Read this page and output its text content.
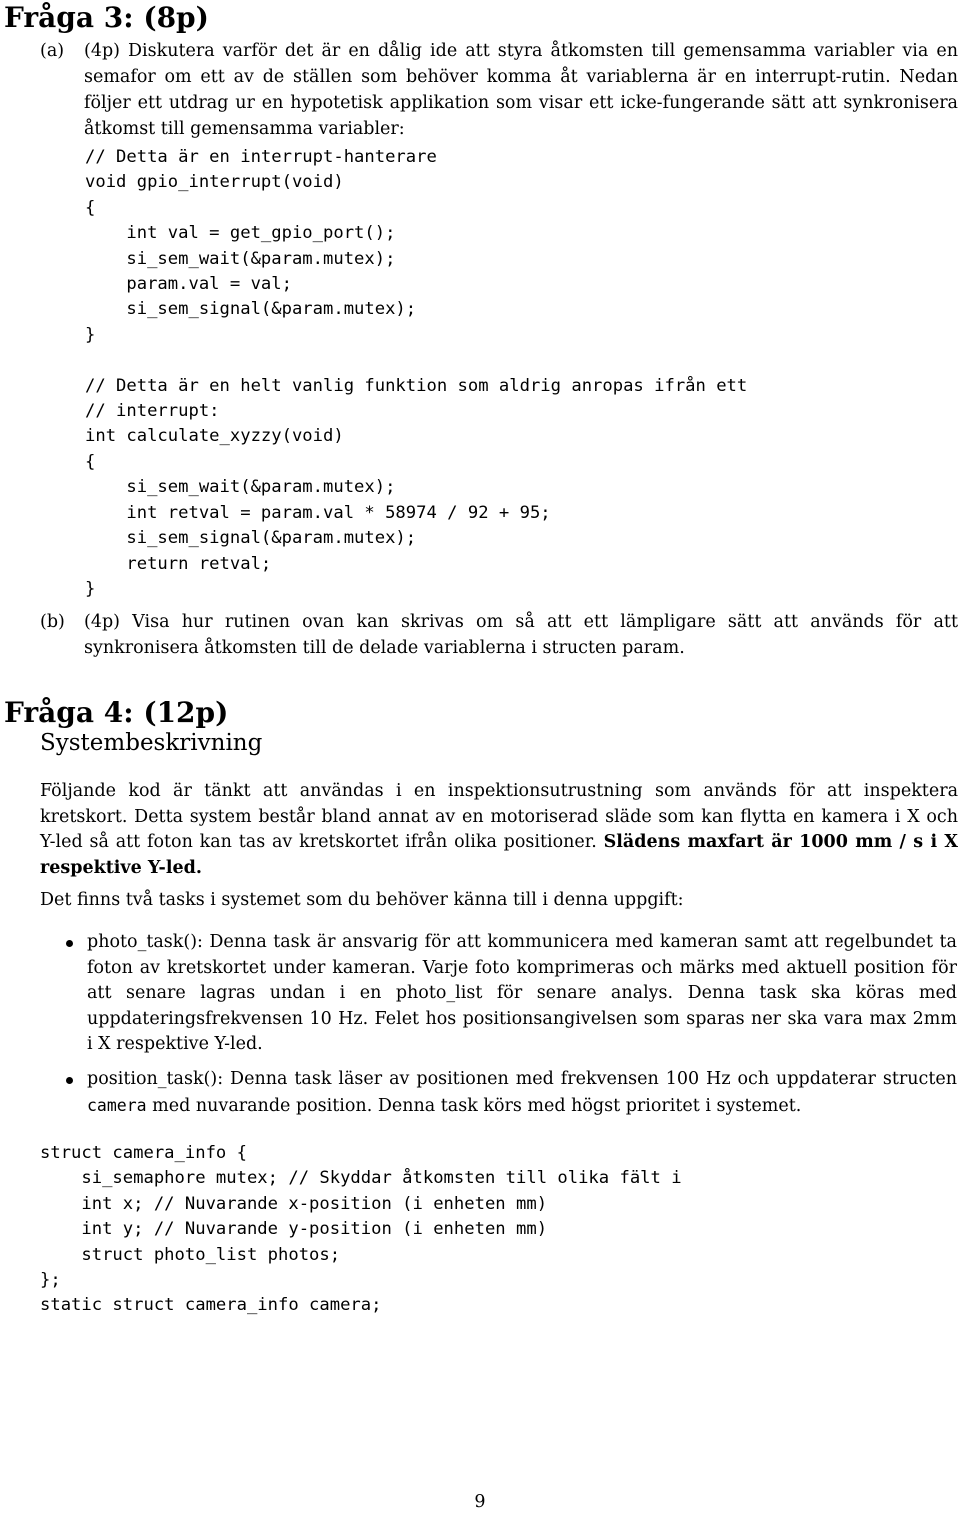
Fråga 3: (8p)
(a) (4p) Diskutera varför det är en dålig ide att styra åtkomsten till gemensamma variabler via en semafor om ett av de ställen som behöver komma åt variablerna är en interrupt-rutin. Nedan följer ett utdrag ur en hypotetisk applikation som visar ett icke-fungerande sätt att synkronisera åtkomst till gemensamma variabler:
// Detta är en interrupt-hanterare
void gpio_interrupt(void)
{
int val = get_gpio_port();
si_sem_wait(&param.mutex);
param.val = val;
si_sem_signal(&param.mutex);
}

// Detta är en helt vanlig funktion som aldrig anropas ifrån ett
// interrupt:
int calculate_xyzzy(void)
{
si_sem_wait(&param.mutex);
int retval = param.val * 58974 / 92 + 95;
si_sem_signal(&param.mutex);
return retval;
}
(b) (4p) Visa hur rutinen ovan kan skrivas om så att ett lämpligare sätt att används för att synkronisera åtkomsten till de delade variablerna i structen param.
Fråga 4: (12p)
Systembeskrivning
Följande kod är tänkt att användas i en inspektionsutrustning som används för att inspektera kretskort. Detta system består bland annat av en motoriserad släde som kan flytta en kamera i X och Y-led så att foton kan tas av kretskortet ifrån olika positioner. Slädens maxfart är 1000 mm / s i X respektive Y-led.
Det finns två tasks i systemet som du behöver känna till i denna uppgift:
photo_task(): Denna task är ansvarig för att kommunicera med kameran samt att regelbundet ta foton av kretskortet under kameran. Varje foto komprimeras och märks med aktuell position för att senare lagras undan i en photo_list för senare analys. Denna task ska köras med uppdateringsfrekvensen 10 Hz. Felet hos positionsangivelsen som sparas ner ska vara max 2mm i X respektive Y-led.
position_task(): Denna task läser av positionen med frekvensen 100 Hz och uppdaterar structen camera med nuvarande position. Denna task körs med högst prioritet i systemet.
struct camera_info {
si_semaphore mutex; // Skyddar åtkomsten till olika fält i
int x; // Nuvarande x-position (i enheten mm)
int y; // Nuvarande y-position (i enheten mm)
struct photo_list photos;
};
static struct camera_info camera;
9
